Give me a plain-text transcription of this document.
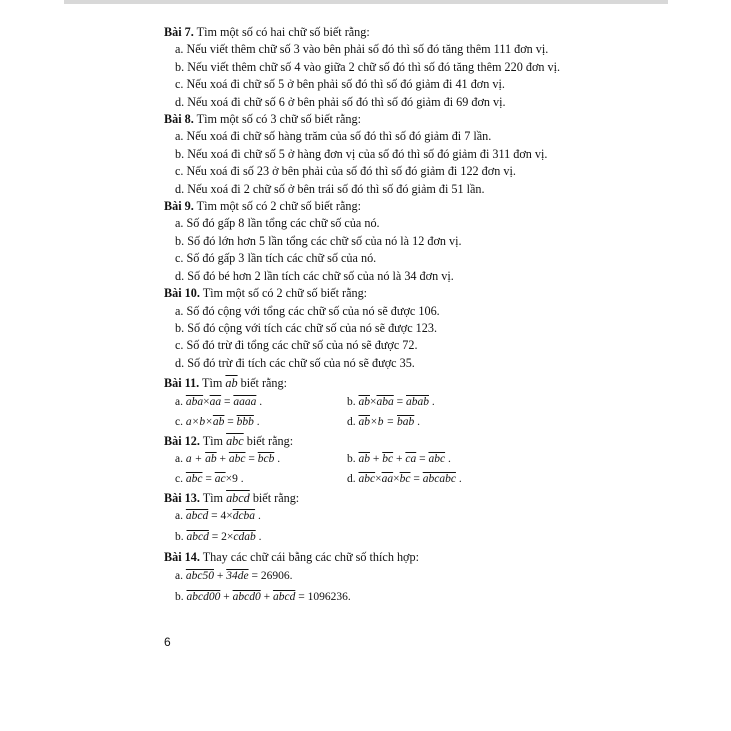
Bài 7. Tìm một số có hai chữ số biết rằng:
a. Nếu viết thêm chữ số 3 vào bên phải số đó thì số đó tăng thêm 111 đơn vị.
b. Nếu viết thêm chữ số 4 vào giữa 2 chữ số đó thì số đó tăng thêm 220 đơn vị.
c. Nếu xoá đi chữ số 5 ở bên phải số đó thì số đó giảm đi 41 đơn vị.
d. Nếu xoá đi chữ số 6 ở bên phải số đó thì số đó giảm đi 69 đơn vị.
Bài 8. Tìm một số có 3 chữ số biết rằng:
a. Nếu xoá đi chữ số hàng trăm của số đó thì số đó giảm đi 7 lần.
b. Nếu xoá đi chữ số 5 ở hàng đơn vị của số đó thì số đó giảm đi 311 đơn vị.
c. Nếu xoá đi số 23 ở bên phải của số đó thì số đó giảm đi 122 đơn vị.
d. Nếu xoá đi 2 chữ số ở bên trái số đó thì số đó giảm đi 51 lần.
Bài 9. Tìm một số có 2 chữ số biết rằng:
a. Số đó gấp 8 lần tổng các chữ số của nó.
b. Số đó lớn hơn 5 lần tổng các chữ số của nó là 12 đơn vị.
c. Số đó gấp 3 lần tích các chữ số của nó.
d. Số đó bé hơn 2 lần tích các chữ số của nó là 34 đơn vị.
Bài 10. Tìm một số có 2 chữ số biết rằng:
a. Số đó cộng với tổng các chữ số của nó sẽ được 106.
b. Số đó cộng với tích các chữ số của nó sẽ được 123.
c. Số đó trừ đi tổng các chữ số của nó sẽ được 72.
d. Số đó trừ đi tích các chữ số của nó sẽ được 35.
Bài 11. Tìm $\overline{ab}$ biết rằng:
a. $\overline{aba}\times\overline{aa}$ = aaaa .	b. $\overline{ab}\times\overline{aba}$ = abab .
c. $a\times b\times\overline{ab} = \overline{bbb}$ .	d. $\overline{ab}\times b = \overline{bab}$ .
Bài 12. Tìm $\overline{abc}$ biết rằng:
a. $a + \overline{ab} + \overline{abc} = \overline{bcb}$ .	b. $\overline{ab} + \overline{bc} + \overline{ca} = \overline{abc}$ .
c. $\overline{abc} = \overline{ac}\times 9$ .	d. $\overline{abc}\times\overline{aa}\times\overline{bc}$ = abcabc .
Bài 13. Tìm abcd biết rằng:
a. abcd = 4×dcba .
b. abcd = 2×cdab .
Bài 14. Thay các chữ cái bằng các chữ số thích hợp:
a. abc50 + 34de = 26906.
b. abcd00 + abcd0 + abcd = 1096236.
6
